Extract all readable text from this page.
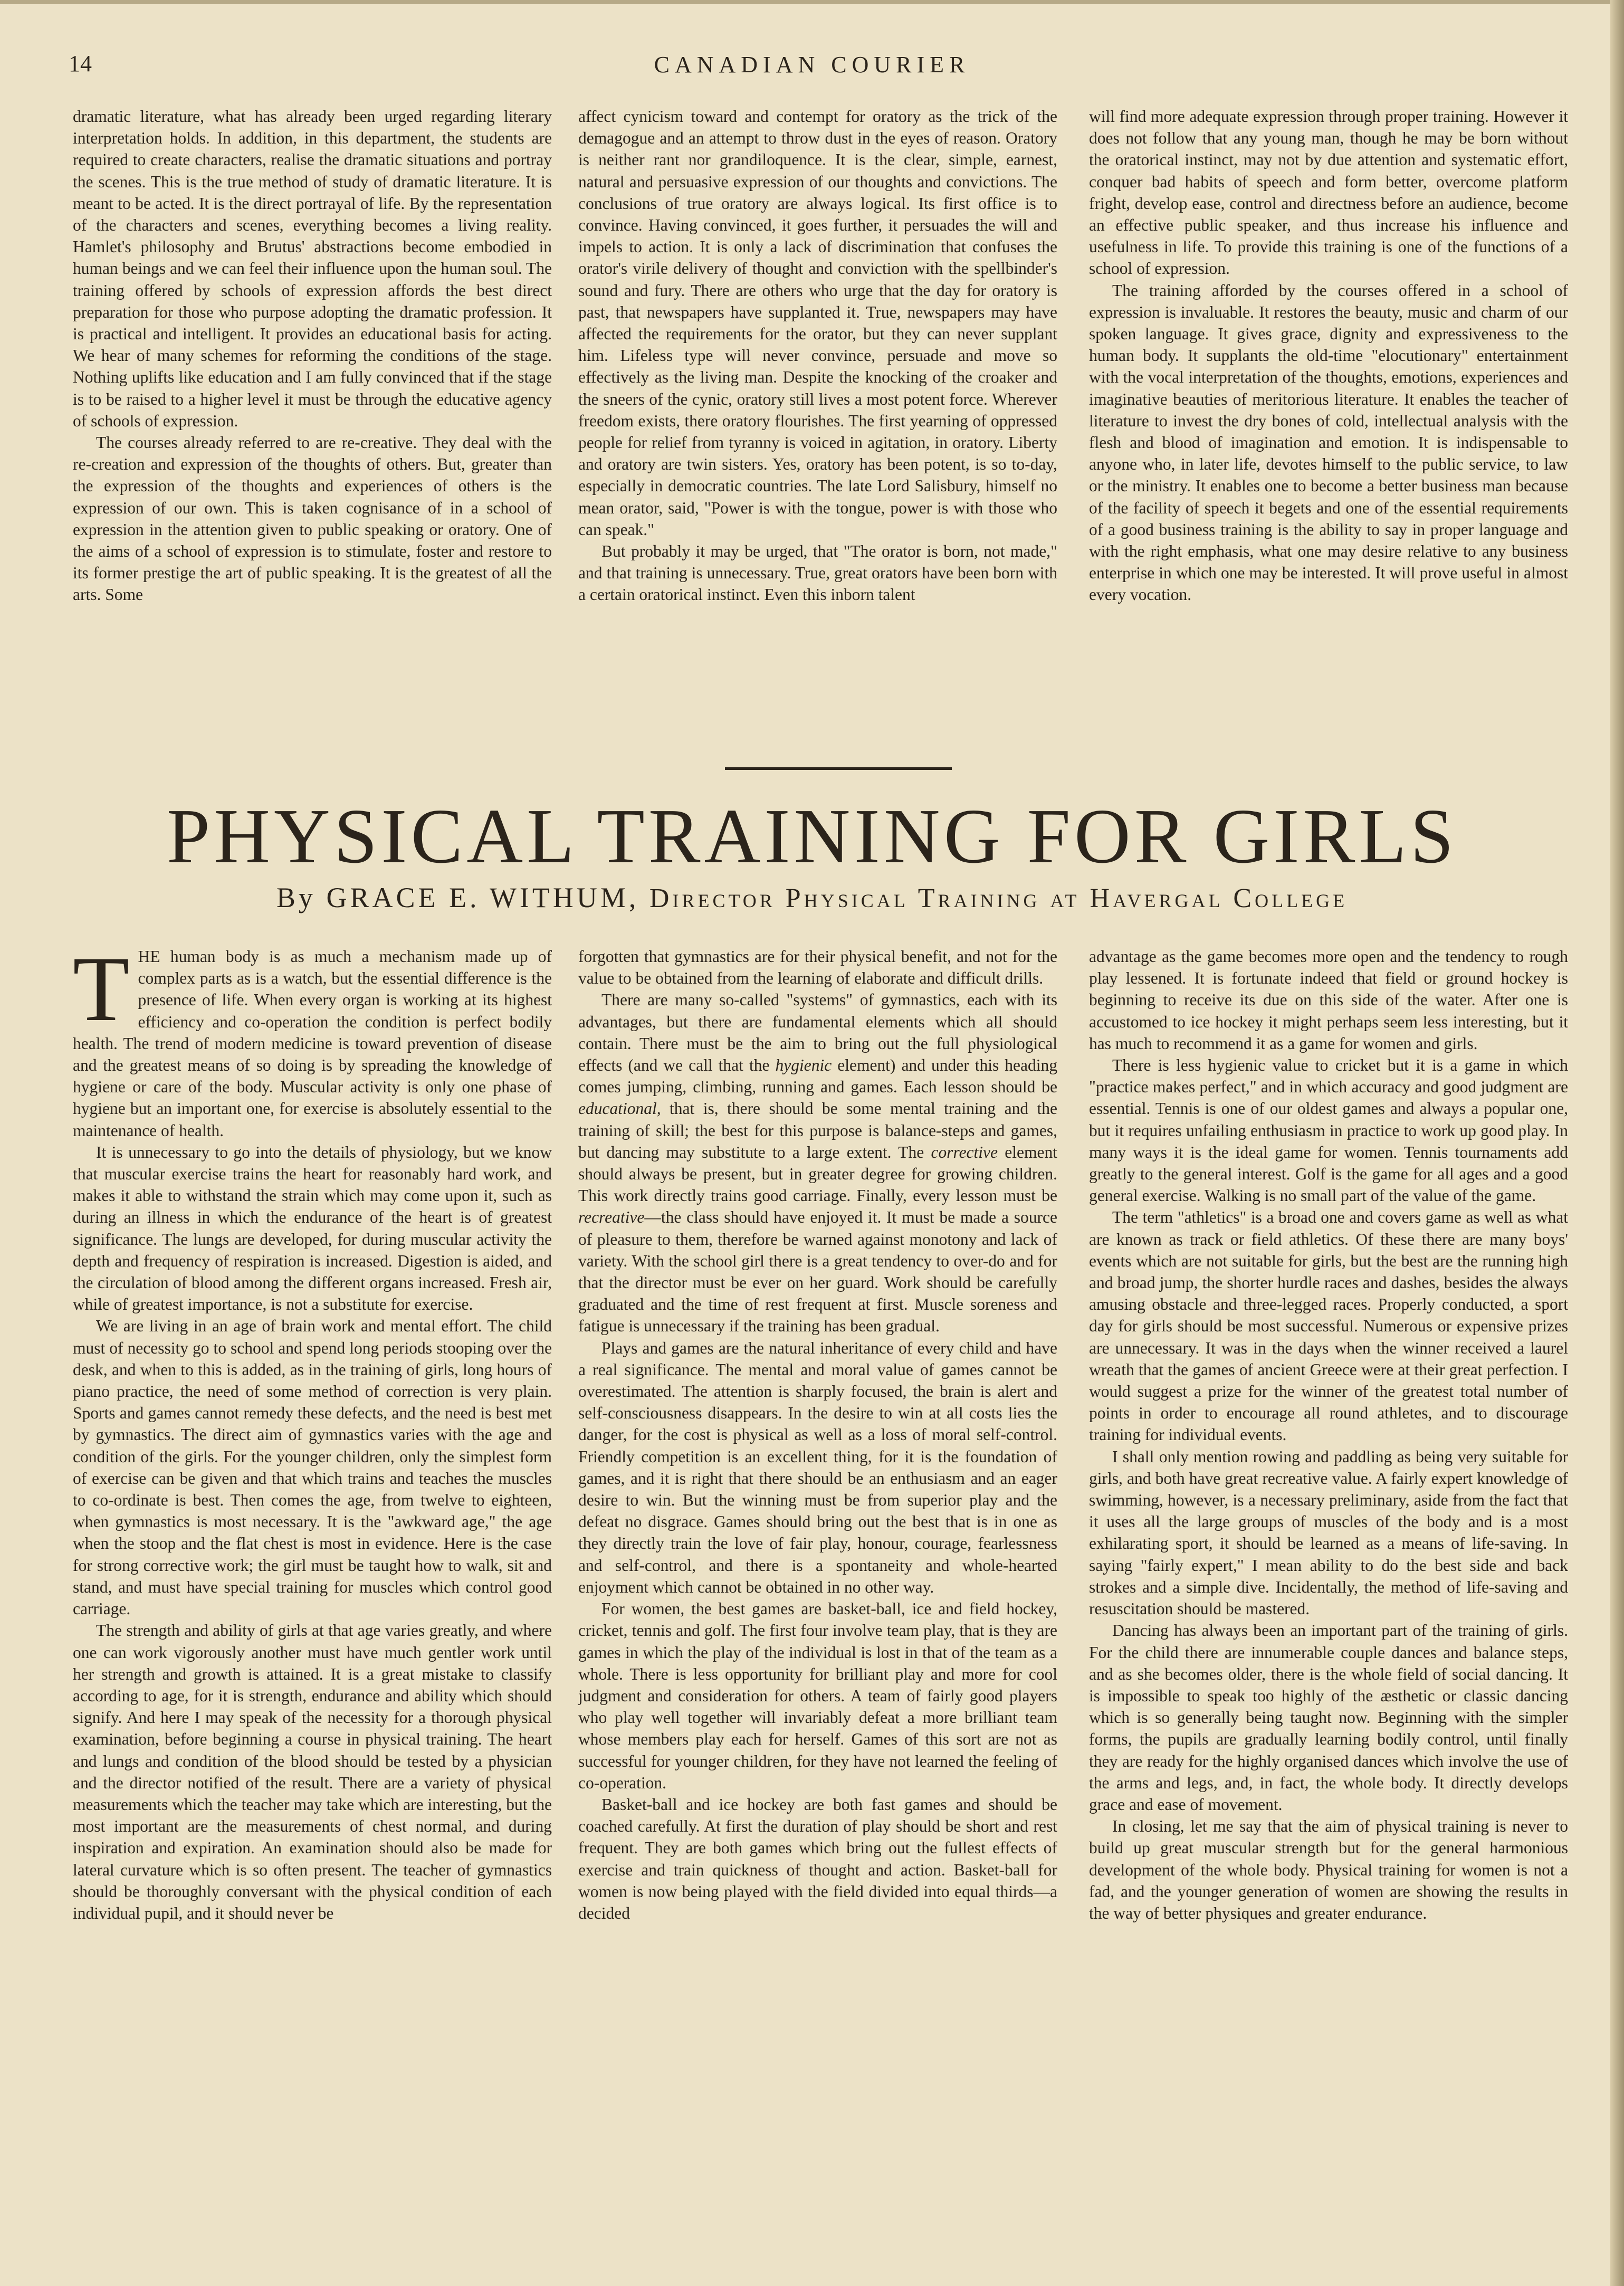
14	CANADIAN COURIER

dramatic literature, what has already been urged regarding literary interpretation holds. In addition, in this department, the students are required to create characters, realise the dramatic situations and portray the scenes. This is the true method of study of dramatic literature. It is meant to be acted. It is the direct portrayal of life. By the representation of the characters and scenes, everything becomes a living reality. Hamlet's philosophy and Brutus' abstractions become embodied in human beings and we can feel their influence upon the human soul. The training offered by schools of expression affords the best direct preparation for those who purpose adopting the dramatic profession. It is practical and intelligent. It provides an educational basis for acting. We hear of many schemes for reforming the conditions of the stage. Nothing uplifts like education and I am fully convinced that if the stage is to be raised to a higher level it must be through the educative agency of schools of expression.

The courses already referred to are re-creative. They deal with the re-creation and expression of the thoughts of others. But, greater than the expression of the thoughts and experiences of others is the expression of our own. This is taken cognisance of in a school of expression in the attention given to public speaking or oratory. One of the aims of a school of expression is to stimulate, foster and restore to its former prestige the art of public speaking. It is the greatest of all the arts. Some

affect cynicism toward and contempt for oratory as the trick of the demagogue and an attempt to throw dust in the eyes of reason. Oratory is neither rant nor grandiloquence. It is the clear, simple, earnest, natural and persuasive expression of our thoughts and convictions. The conclusions of true oratory are always logical. Its first office is to convince. Having convinced, it goes further, it persuades the will and impels to action. It is only a lack of discrimination that confuses the orator's virile delivery of thought and conviction with the spellbinder's sound and fury. There are others who urge that the day for oratory is past, that newspapers have supplanted it. True, newspapers may have affected the requirements for the orator, but they can never supplant him. Lifeless type will never convince, persuade and move so effectively as the living man. Despite the knocking of the croaker and the sneers of the cynic, oratory still lives a most potent force. Wherever freedom exists, there oratory flourishes. The first yearning of oppressed people for relief from tyranny is voiced in agitation, in oratory. Liberty and oratory are twin sisters. Yes, oratory has been potent, is so to-day, especially in democratic countries. The late Lord Salisbury, himself no mean orator, said, "Power is with the tongue, power is with those who can speak."

But probably it may be urged, that "The orator is born, not made," and that training is unnecessary. True, great orators have been born with a certain oratorical instinct. Even this inborn talent

will find more adequate expression through proper training. However it does not follow that any young man, though he may be born without the oratorical instinct, may not by due attention and systematic effort, conquer bad habits of speech and form better, overcome platform fright, develop ease, control and directness before an audience, become an effective public speaker, and thus increase his influence and usefulness in life. To provide this training is one of the functions of a school of expression.

The training afforded by the courses offered in a school of expression is invaluable. It restores the beauty, music and charm of our spoken language. It gives grace, dignity and expressiveness to the human body. It supplants the old-time "elocutionary" entertainment with the vocal interpretation of the thoughts, emotions, experiences and imaginative beauties of meritorious literature. It enables the teacher of literature to invest the dry bones of cold, intellectual analysis with the flesh and blood of imagination and emotion. It is indispensable to anyone who, in later life, devotes himself to the public service, to law or the ministry. It enables one to become a better business man because of the facility of speech it begets and one of the essential requirements of a good business training is the ability to say in proper language and with the right emphasis, what one may desire relative to any business enterprise in which one may be interested. It will prove useful in almost every vocation.

PHYSICAL TRAINING FOR GIRLS
By GRACE E. WITHUM, Director Physical Training at Havergal College

THE human body is as much a mechanism made up of complex parts as is a watch, but the essential difference is the presence of life. When every organ is working at its highest efficiency and co-operation the condition is perfect bodily health. The trend of modern medicine is toward prevention of disease and the greatest means of so doing is by spreading the knowledge of hygiene or care of the body. Muscular activity is only one phase of hygiene but an important one, for exercise is absolutely essential to the maintenance of health.

It is unnecessary to go into the details of physiology, but we know that muscular exercise trains the heart for reasonably hard work, and makes it able to withstand the strain which may come upon it, such as during an illness in which the endurance of the heart is of greatest significance. The lungs are developed, for during muscular activity the depth and frequency of respiration is increased. Digestion is aided, and the circulation of blood among the different organs increased. Fresh air, while of greatest importance, is not a substitute for exercise.

We are living in an age of brain work and mental effort. The child must of necessity go to school and spend long periods stooping over the desk, and when to this is added, as in the training of girls, long hours of piano practice, the need of some method of correction is very plain. Sports and games cannot remedy these defects, and the need is best met by gymnastics. The direct aim of gymnastics varies with the age and condition of the girls. For the younger children, only the simplest form of exercise can be given and that which trains and teaches the muscles to co-ordinate is best. Then comes the age, from twelve to eighteen, when gymnastics is most necessary. It is the "awkward age," the age when the stoop and the flat chest is most in evidence. Here is the case for strong corrective work; the girl must be taught how to walk, sit and stand, and must have special training for muscles which control good carriage.

The strength and ability of girls at that age varies greatly, and where one can work vigorously another must have much gentler work until her strength and growth is attained. It is a great mistake to classify according to age, for it is strength, endurance and ability which should signify. And here I may speak of the necessity for a thorough physical examination, before beginning a course in physical training. The heart and lungs and condition of the blood should be tested by a physician and the director notified of the result. There are a variety of physical measurements which the teacher may take which are interesting, but the most important are the measurements of chest normal, and during inspiration and expiration. An examination should also be made for lateral curvature which is so often present. The teacher of gymnastics should be thoroughly conversant with the physical condition of each individual pupil, and it should never be

forgotten that gymnastics are for their physical benefit, and not for the value to be obtained from the learning of elaborate and difficult drills.

There are many so-called "systems" of gymnastics, each with its advantages, but there are fundamental elements which all should contain. There must be the aim to bring out the full physiological effects (and we call that the hygienic element) and under this heading comes jumping, climbing, running and games. Each lesson should be educational, that is, there should be some mental training and the training of skill; the best for this purpose is balance-steps and games, but dancing may substitute to a large extent. The corrective element should always be present, but in greater degree for growing children. This work directly trains good carriage. Finally, every lesson must be recreative—the class should have enjoyed it. It must be made a source of pleasure to them, therefore be warned against monotony and lack of variety. With the school girl there is a great tendency to over-do and for that the director must be ever on her guard. Work should be carefully graduated and the time of rest frequent at first. Muscle soreness and fatigue is unnecessary if the training has been gradual.

Plays and games are the natural inheritance of every child and have a real significance. The mental and moral value of games cannot be overestimated. The attention is sharply focused, the brain is alert and self-consciousness disappears. In the desire to win at all costs lies the danger, for the cost is physical as well as a loss of moral self-control. Friendly competition is an excellent thing, for it is the foundation of games, and it is right that there should be an enthusiasm and an eager desire to win. But the winning must be from superior play and the defeat no disgrace. Games should bring out the best that is in one as they directly train the love of fair play, honour, courage, fearlessness and self-control, and there is a spontaneity and whole-hearted enjoyment which cannot be obtained in no other way.

For women, the best games are basket-ball, ice and field hockey, cricket, tennis and golf. The first four involve team play, that is they are games in which the play of the individual is lost in that of the team as a whole. There is less opportunity for brilliant play and more for cool judgment and consideration for others. A team of fairly good players who play well together will invariably defeat a more brilliant team whose members play each for herself. Games of this sort are not as successful for younger children, for they have not learned the feeling of co-operation.

Basket-ball and ice hockey are both fast games and should be coached carefully. At first the duration of play should be short and rest frequent. They are both games which bring out the fullest effects of exercise and train quickness of thought and action. Basket-ball for women is now being played with the field divided into equal thirds—a decided

advantage as the game becomes more open and the tendency to rough play lessened. It is fortunate indeed that field or ground hockey is beginning to receive its due on this side of the water. After one is accustomed to ice hockey it might perhaps seem less interesting, but it has much to recommend it as a game for women and girls.

There is less hygienic value to cricket but it is a game in which "practice makes perfect," and in which accuracy and good judgment are essential. Tennis is one of our oldest games and always a popular one, but it requires unfailing enthusiasm in practice to work up good play. In many ways it is the ideal game for women. Tennis tournaments add greatly to the general interest. Golf is the game for all ages and a good general exercise. Walking is no small part of the value of the game.

The term "athletics" is a broad one and covers game as well as what are known as track or field athletics. Of these there are many boys' events which are not suitable for girls, but the best are the running high and broad jump, the shorter hurdle races and dashes, besides the always amusing obstacle and three-legged races. Properly conducted, a sport day for girls should be most successful. Numerous or expensive prizes are unnecessary. It was in the days when the winner received a laurel wreath that the games of ancient Greece were at their great perfection. I would suggest a prize for the winner of the greatest total number of points in order to encourage all round athletes, and to discourage training for individual events.

I shall only mention rowing and paddling as being very suitable for girls, and both have great recreative value. A fairly expert knowledge of swimming, however, is a necessary preliminary, aside from the fact that it uses all the large groups of muscles of the body and is a most exhilarating sport, it should be learned as a means of life-saving. In saying "fairly expert," I mean ability to do the best side and back strokes and a simple dive. Incidentally, the method of life-saving and resuscitation should be mastered.

Dancing has always been an important part of the training of girls. For the child there are innumerable couple dances and balance steps, and as she becomes older, there is the whole field of social dancing. It is impossible to speak too highly of the æsthetic or classic dancing which is so generally being taught now. Beginning with the simpler forms, the pupils are gradually learning bodily control, until finally they are ready for the highly organised dances which involve the use of the arms and legs, and, in fact, the whole body. It directly develops grace and ease of movement.

In closing, let me say that the aim of physical training is never to build up great muscular strength but for the general harmonious development of the whole body. Physical training for women is not a fad, and the younger generation of women are showing the results in the way of better physiques and greater endurance.
